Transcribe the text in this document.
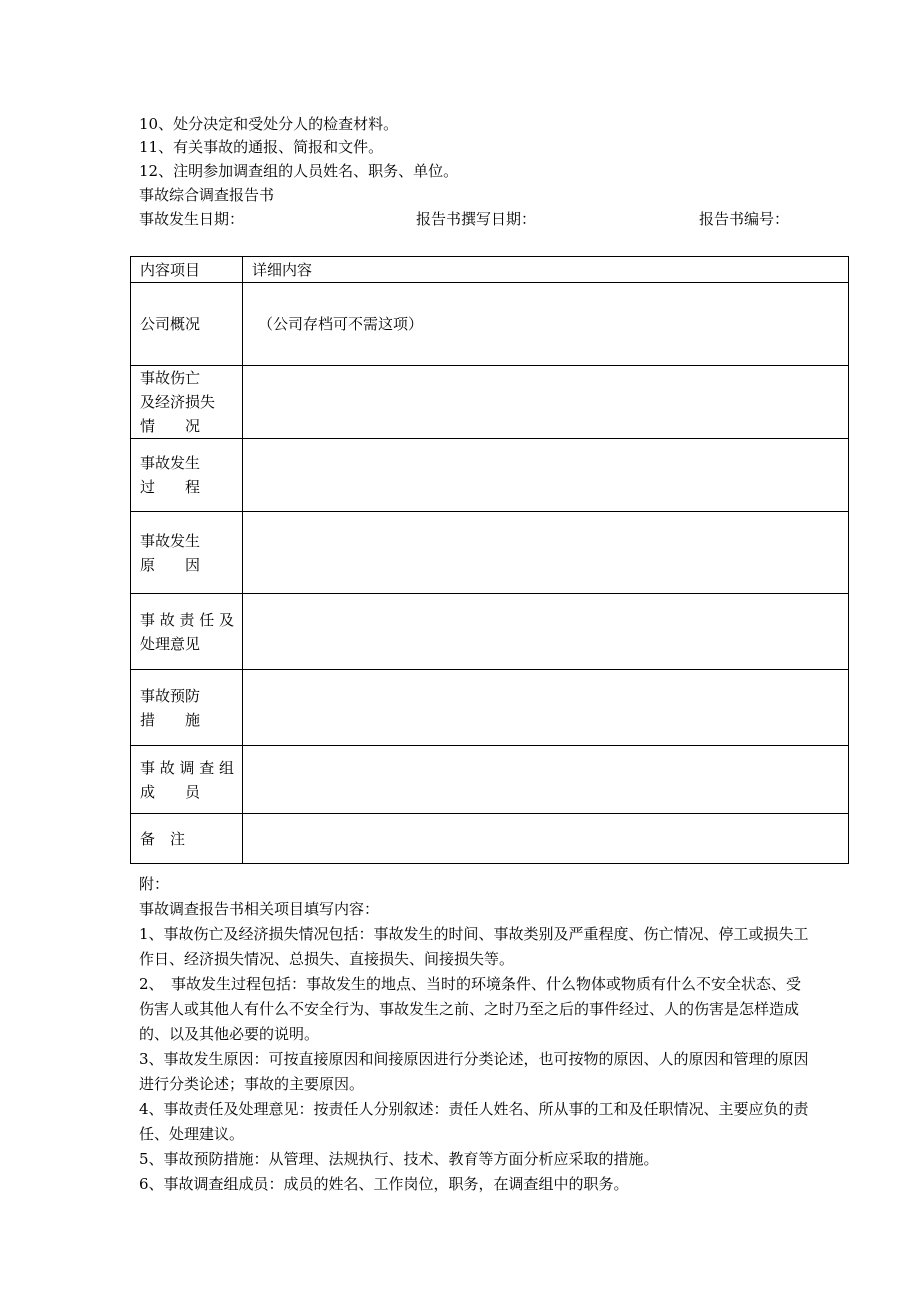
10、处分决定和受处分人的检查材料。
11、有关事故的通报、简报和文件。
12、注明参加调查组的人员姓名、职务、单位。
事故综合调查报告书
事故发生日期：	报告书撰写日期：	报告书编号：
内容项目	详细内容
公司概况	（公司存档可不需这项）

事故伤亡
及经济损失
情　　况	

事故发生
过　　程	

事故发生
原　　因	

事故责任及
处理意见	

事故预防
措　　施	

事故调查组
成　　员	

备　注	

附：

事故调查报告书相关项目填写内容：

1、事故伤亡及经济损失情况包括：事故发生的时间、事故类别及严重程度、伤亡情况、停工或损失工作日、经济损失情况、总损失、直接损失、间接损失等。

2、　事故发生过程包括：事故发生的地点、当时的环境条件、什么物体或物质有什么不安全状态、受伤害人或其他人有什么不安全行为、事故发生之前、之时乃至之后的事件经过、人的伤害是怎样造成的、以及其他必要的说明。

3、事故发生原因：可按直接原因和间接原因进行分类论述，也可按物的原因、人的原因和管理的原因进行分类论述；事故的主要原因。

4、事故责任及处理意见：按责任人分别叙述：责任人姓名、所从事的工和及任职情况、主要应负的责任、处理建议。

5、事故预防措施：从管理、法规执行、技术、教育等方面分析应采取的措施。

6、事故调查组成员：成员的姓名、工作岗位，职务，在调查组中的职务。
